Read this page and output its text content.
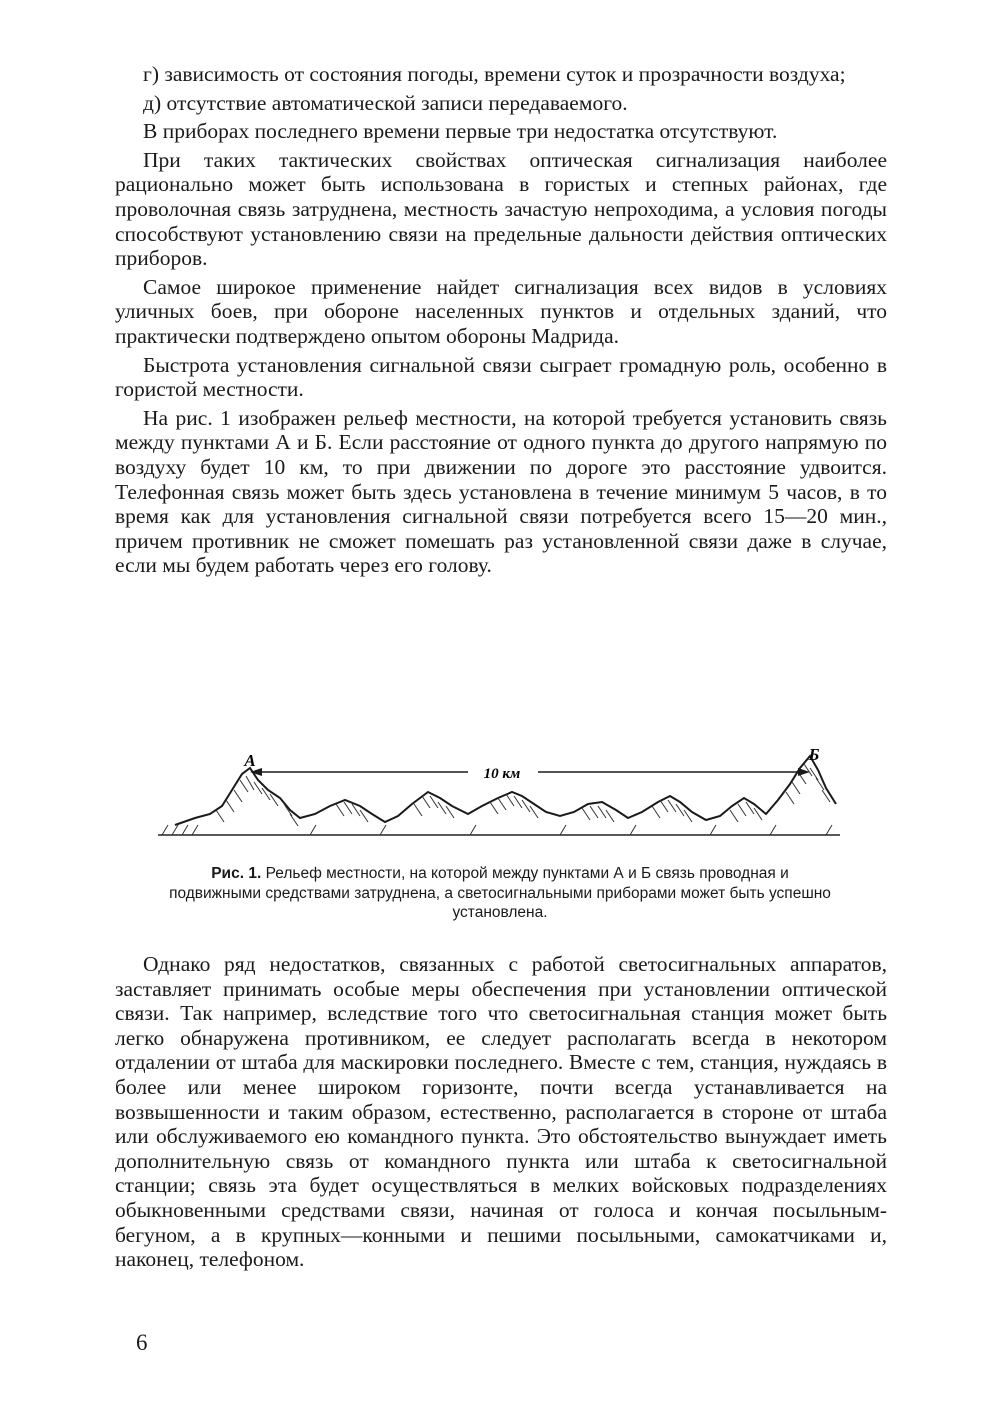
г) зависимость от состояния погоды, времени суток и прозрачности воздуха;

д) отсутствие автоматической записи передаваемого.

В приборах последнего времени первые три недостатка отсутствуют.

При таких тактических свойствах оптическая сигнализация наиболее рационально может быть использована в гористых и степных районах, где проволочная связь затруднена, местность зачастую непроходима, а условия погоды способствуют установлению связи на предельные дальности действия оптических приборов.

Самое широкое применение найдет сигнализация всех видов в условиях уличных боев, при обороне населенных пунктов и отдельных зданий, что практически подтверждено опытом обороны Мадрида.

Быстрота установления сигнальной связи сыграет громадную роль, особенно в гористой местности.

На рис. 1 изображен рельеф местности, на которой требуется установить связь между пунктами А и Б. Если расстояние от одного пункта до другого напрямую по воздуху будет 10 км, то при движении по дороге это расстояние удвоится. Телефонная связь может быть здесь установлена в течение минимум 5 часов, в то время как для установления сигнальной связи потребуется всего 15—20 мин., причем противник не сможет помешать раз установленной связи даже в случае, если мы будем работать через его голову.

10 км
А	Б
Рис. 1. Рельеф местности, на которой между пунктами А и Б связь проводная и подвижными средствами затруднена, а светосигнальными приборами может быть успешно установлена.

Однако ряд недостатков, связанных с работой светосигнальных аппаратов, заставляет принимать особые меры обеспечения при установлении оптической связи. Так например, вследствие того что светосигнальная станция может быть легко обнаружена противником, ее следует располагать всегда в некотором отдалении от штаба для маскировки последнего. Вместе с тем, станция, нуждаясь в более или менее широком горизонте, почти всегда устанавливается на возвышенности и таким образом, естественно, располагается в стороне от штаба или обслуживаемого ею командного пункта. Это обстоятельство вынуждает иметь дополнительную связь от командного пункта или штаба к светосигнальной станции; связь эта будет осуществляться в мелких войсковых подразделениях обыкновенными средствами связи, начиная от голоса и кончая посыльным-бегуном, а в крупных—конными и пешими посыльными, самокатчиками и, наконец, телефоном.

6
